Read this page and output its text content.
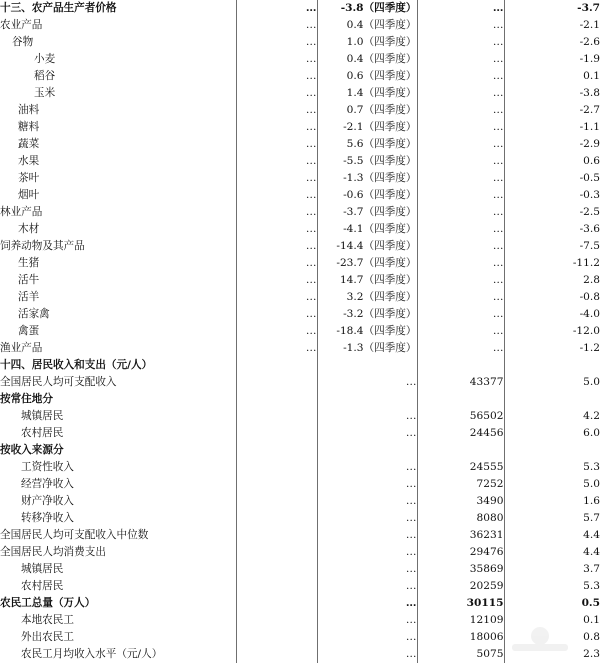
十三、农产品生产者价格	…	-3.8（四季度）	…	-3.7
农业产品	…	0.4（四季度）	…	-2.1
谷物	…	1.0（四季度）	…	-2.6
小麦	…	0.4（四季度）	…	-1.9
稻谷	…	0.6（四季度）	…	0.1
玉米	…	1.4（四季度）	…	-3.8
油料	…	0.7（四季度）	…	-2.7
糖料	…	-2.1（四季度）	…	-1.1
蔬菜	…	5.6（四季度）	…	-2.9
水果	…	-5.5（四季度）	…	0.6
茶叶	…	-1.3（四季度）	…	-0.5
烟叶	…	-0.6（四季度）	…	-0.3
林业产品	…	-3.7（四季度）	…	-2.5
木材	…	-4.1（四季度）	…	-3.6
饲养动物及其产品	…	-14.4（四季度）	…	-7.5
生猪	…	-23.7（四季度）	…	-11.2
活牛	…	14.7（四季度）	…	2.8
活羊	…	3.2（四季度）	…	-0.8
活家禽	…	-3.2（四季度）	…	-4.0
禽蛋	…	-18.4（四季度）	…	-12.0
渔业产品	…	-1.3（四季度）	…	-1.2
十四、居民收入和支出（元/人）				
全国居民人均可支配收入		…	43377	5.0
按常住地分				
城镇居民		…	56502	4.2
农村居民		…	24456	6.0
按收入来源分				
工资性收入		…	24555	5.3
经营净收入		…	7252	5.0
财产净收入		…	3490	1.6
转移净收入		…	8080	5.7
全国居民人均可支配收入中位数		…	36231	4.4
全国居民人均消费支出		…	29476	4.4
城镇居民		…	35869	3.7
农村居民		…	20259	5.3
农民工总量（万人）		…	30115	0.5
本地农民工		…	12109	0.1
外出农民工		…	18006	0.8
农民工月均收入水平（元/人）		…	5075	2.3
